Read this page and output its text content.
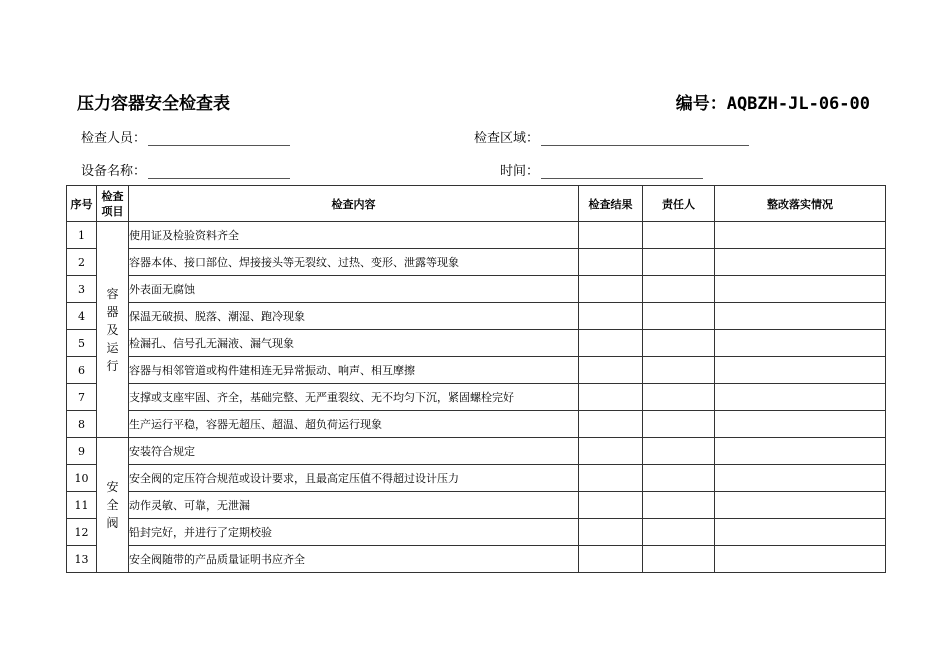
压力容器安全检查表	编号：AQBZH-JL-06-00
检查人员：	检查区域：
设备名称：	时间：
序号	检查项目	检查内容	检查结果	责任人	整改落实情况
1	容器及运行	使用证及检验资料齐全			
2		容器本体、接口部位、焊接接头等无裂纹、过热、变形、泄露等现象			
3		外表面无腐蚀			
4		保温无破损、脱落、潮湿、跑冷现象			
5		检漏孔、信号孔无漏液、漏气现象			
6		容器与相邻管道或构件建相连无异常振动、响声、相互摩擦			
7		支撑或支座牢固、齐全，基础完整、无严重裂纹、无不均匀下沉，紧固螺栓完好			
8		生产运行平稳，容器无超压、超温、超负荷运行现象			
9	安全阀	安装符合规定			
10		安全阀的定压符合规范或设计要求，且最高定压值不得超过设计压力			
11		动作灵敏、可靠，无泄漏			
12		铅封完好，并进行了定期校验			
13		安全阀随带的产品质量证明书应齐全			
